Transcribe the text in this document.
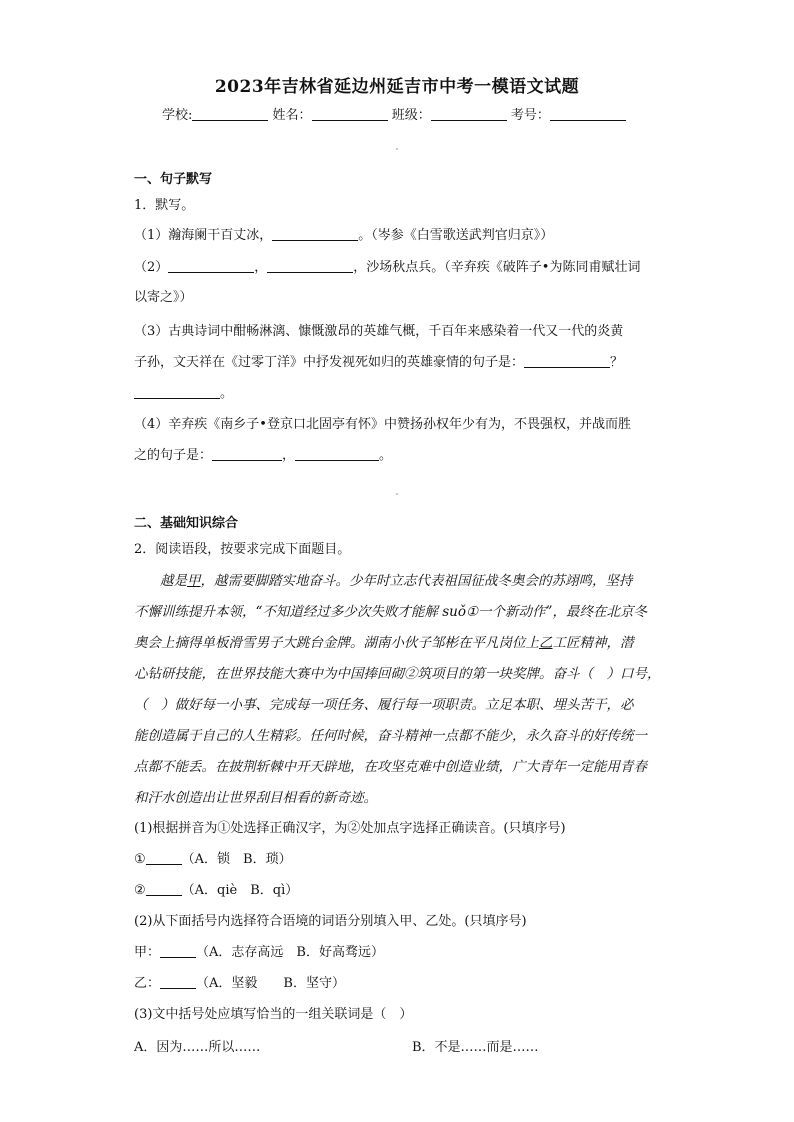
2023年吉林省延边州延吉市中考一模语文试题
学校:	姓名：	班级：	考号：
一、句子默写
1．默写。
（1）瀚海阑干百丈冰，	。（岑参《白雪歌送武判官归京》）
（2）	，	，沙场秋点兵。（辛弃疾《破阵子•为陈同甫赋壮词
以寄之》）
（3）古典诗词中酣畅淋漓、慷慨激昂的英雄气概，千百年来感染着一代又一代的炎黄
子孙，文天祥在《过零丁洋》中抒发视死如归的英雄豪情的句子是：	？
。
（4）辛弃疾《南乡子•登京口北固亭有怀》中赞扬孙权年少有为，不畏强权，并战而胜
之的句子是：	，	。
二、基础知识综合
2．阅读语段，按要求完成下面题目。
越是甲，越需要脚踏实地奋斗。少年时立志代表祖国征战冬奥会的苏翊鸣，坚持
不懈训练提升本领，“不知道经过多少次失败才能解 suǒ①一个新动作”，最终在北京冬
奥会上摘得单板滑雪男子大跳台金牌。湖南小伙子邹彬在平凡岗位上乙工匠精神，潜
心钻研技能，在世界技能大赛中为中国捧回砌②筑项目的第一块奖牌。奋斗（　）口号，
（　）做好每一小事、完成每一项任务、履行每一项职责。立足本职、埋头苦干，必
能创造属于自己的人生精彩。任何时候，奋斗精神一点都不能少，永久奋斗的好传统一
点都不能丢。在披荆斩棘中开天辟地，在攻坚克难中创造业绩，广大青年一定能用青春
和汗水创造出让世界刮目相看的新奇迹。
(1)根据拼音为①处选择正确汉字，为②处加点字选择正确读音。(只填序号)
①	（A．锁　B．琐）
②	（A．qiè　B．qì）
(2)从下面括号内选择符合语境的词语分别填入甲、乙处。(只填序号)
甲：	（A．志存高远　B．好高骛远）
乙：	（A．坚毅　　B．坚守）
(3)文中括号处应填写恰当的一组关联词是（　）
A．因为……所以……	B．不是……而是……
